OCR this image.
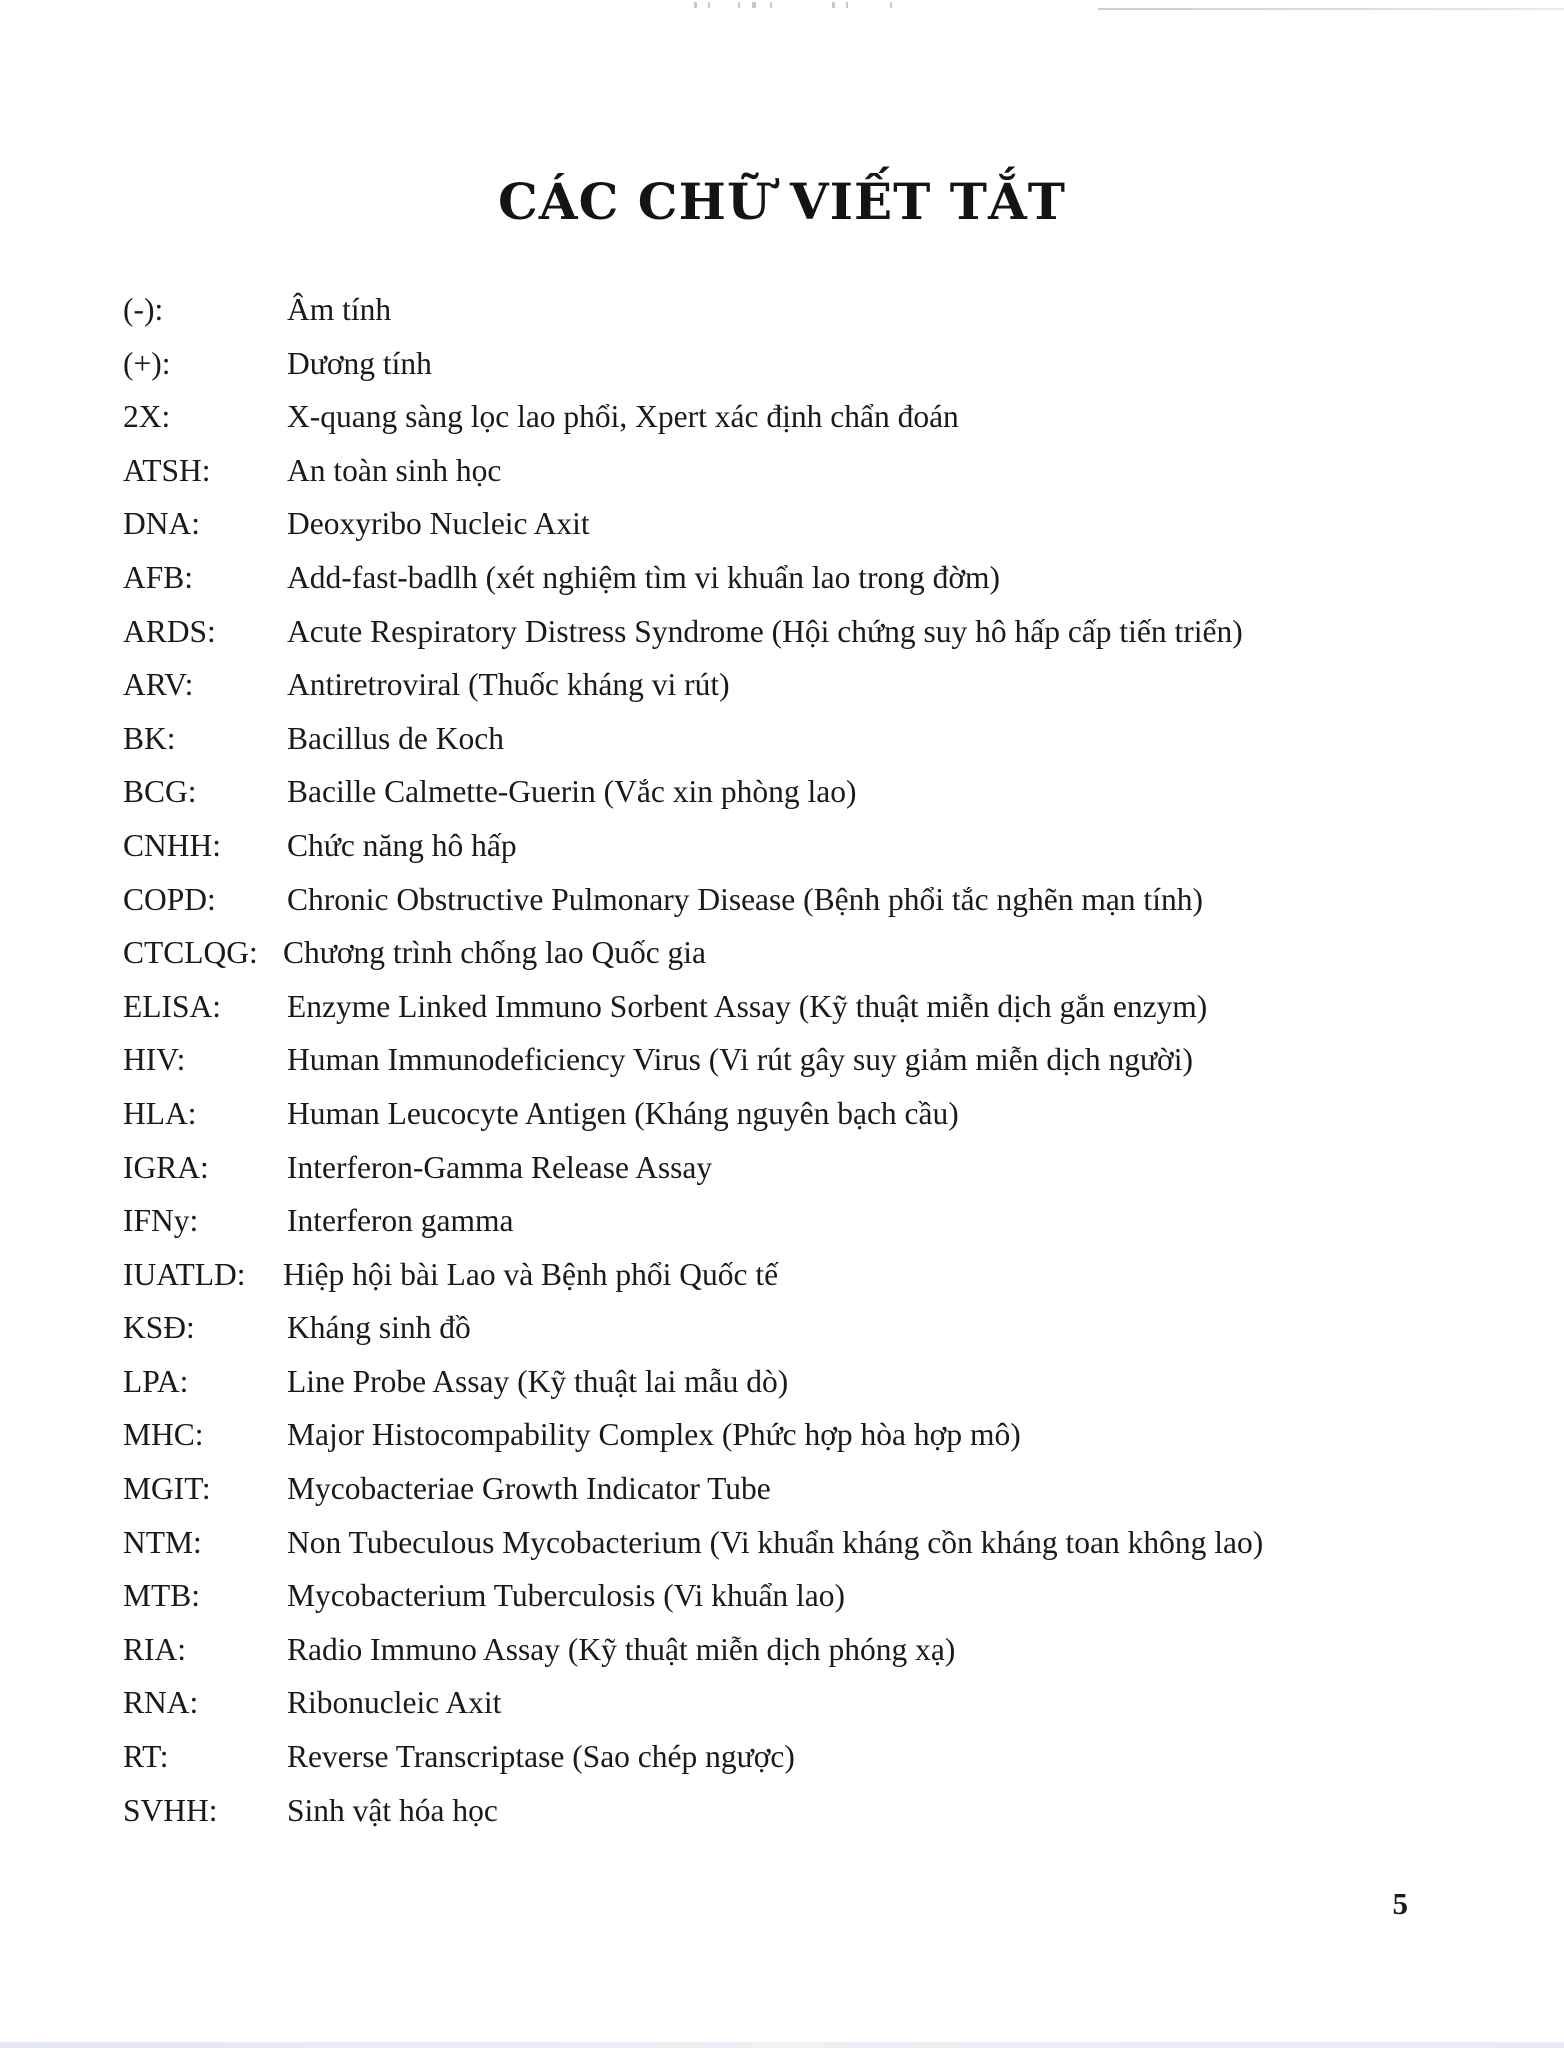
CÁC CHỮ VIẾT TẮT
(-):	Âm tính
(+):	Dương tính
2X:	X-quang sàng lọc lao phổi, Xpert xác định chẩn đoán
ATSH: An toàn sinh học
DNA:	Deoxyribo Nucleic Axit
AFB:	Add-fast-badlh (xét nghiệm tìm vi khuẩn lao trong đờm)
ARDS: Acute Respiratory Distress Syndrome (Hội chứng suy hô hấp cấp tiến triển)
ARV:	Antiretroviral (Thuốc kháng vi rút)
BK:	Bacillus de Koch
BCG:	Bacille Calmette-Guerin (Vắc xin phòng lao)
CNHH: Chức năng hô hấp
COPD: Chronic Obstructive Pulmonary Disease (Bệnh phổi tắc nghẽn mạn tính)
CTCLQG: Chương trình chống lao Quốc gia
ELISA: Enzyme Linked Immuno Sorbent Assay (Kỹ thuật miễn dịch gắn enzym)
HIV:	Human Immunodeficiency Virus (Vi rút gây suy giảm miễn dịch người)
HLA:	Human Leucocyte Antigen (Kháng nguyên bạch cầu)
IGRA: Interferon-Gamma Release Assay
IFNy:	Interferon gamma
IUATLD: Hiệp hội bài Lao và Bệnh phổi Quốc tế
KSĐ:	Kháng sinh đồ
LPA:	Line Probe Assay (Kỹ thuật lai mẫu dò)
MHC:	Major Histocompability Complex (Phức hợp hòa hợp mô)
MGIT: Mycobacteriae Growth Indicator Tube
NTM:	Non Tubeculous Mycobacterium (Vi khuẩn kháng cồn kháng toan không lao)
MTB:	Mycobacterium Tuberculosis (Vi khuẩn lao)
RIA:	Radio Immuno Assay (Kỹ thuật miễn dịch phóng xạ)
RNA:	Ribonucleic Axit
RT:	Reverse Transcriptase (Sao chép ngược)
SVHH: Sinh vật hóa học
5
